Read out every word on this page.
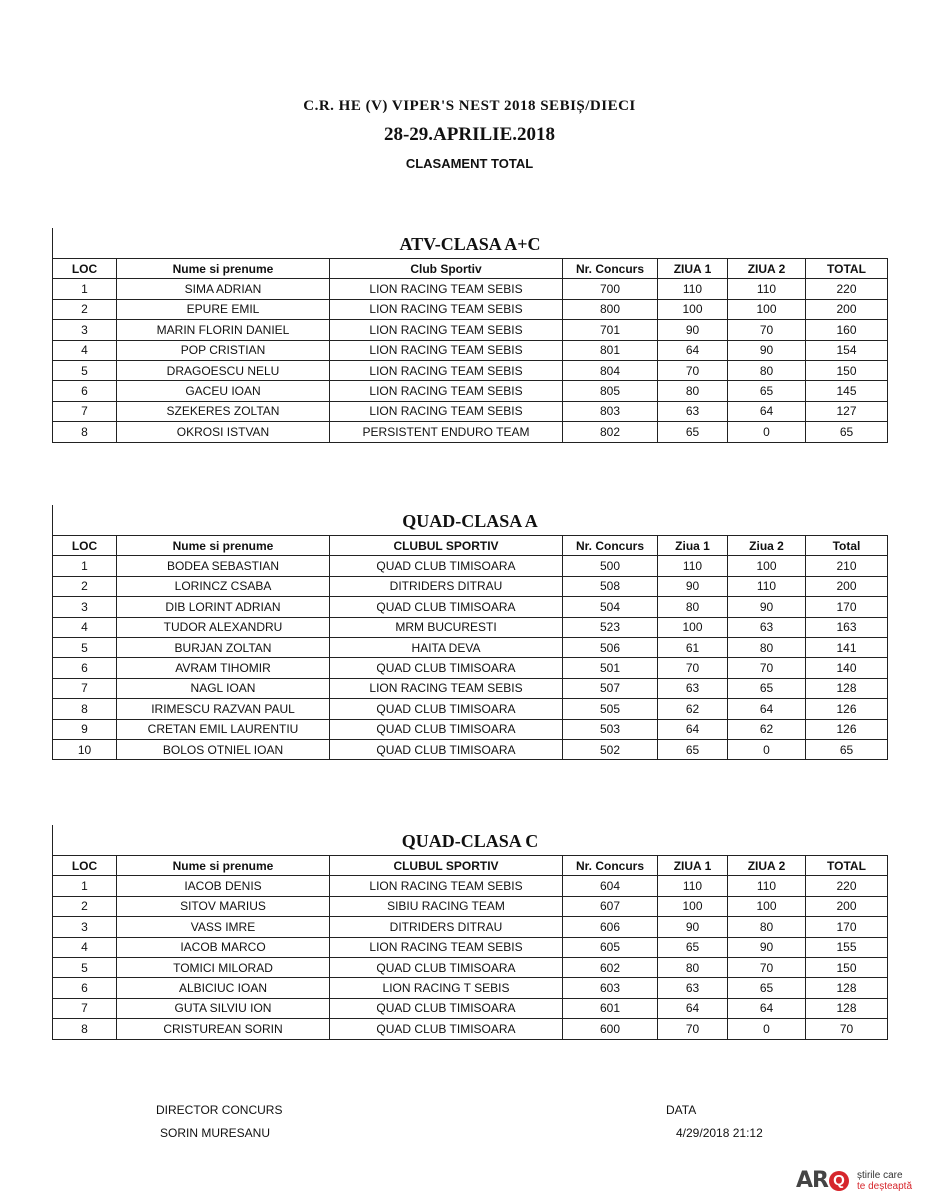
C.R. HE (V) VIPER'S NEST 2018 SEBIȘ/DIECI
28-29.APRILIE.2018
CLASAMENT TOTAL
ATV-CLASA A+C
LOC	Nume si prenume	Club Sportiv	Nr. Concurs	ZIUA 1	ZIUA 2	TOTAL
1	SIMA ADRIAN	LION RACING TEAM SEBIS	700	110	110	220
2	EPURE EMIL	LION RACING TEAM SEBIS	800	100	100	200
3	MARIN FLORIN DANIEL	LION RACING TEAM SEBIS	701	90	70	160
4	POP CRISTIAN	LION RACING TEAM SEBIS	801	64	90	154
5	DRAGOESCU NELU	LION RACING TEAM SEBIS	804	70	80	150
6	GACEU IOAN	LION RACING TEAM SEBIS	805	80	65	145
7	SZEKERES ZOLTAN	LION RACING TEAM SEBIS	803	63	64	127
8	OKROSI ISTVAN	PERSISTENT ENDURO TEAM	802	65	0	65
QUAD-CLASA A
LOC	Nume si prenume	CLUBUL SPORTIV	Nr. Concurs	Ziua 1	Ziua 2	Total
1	BODEA SEBASTIAN	QUAD CLUB TIMISOARA	500	110	100	210
2	LORINCZ CSABA	DITRIDERS DITRAU	508	90	110	200
3	DIB LORINT ADRIAN	QUAD CLUB TIMISOARA	504	80	90	170
4	TUDOR ALEXANDRU	MRM BUCURESTI	523	100	63	163
5	BURJAN ZOLTAN	HAITA DEVA	506	61	80	141
6	AVRAM TIHOMIR	QUAD CLUB TIMISOARA	501	70	70	140
7	NAGL IOAN	LION RACING TEAM SEBIS	507	63	65	128
8	IRIMESCU RAZVAN PAUL	QUAD CLUB TIMISOARA	505	62	64	126
9	CRETAN EMIL LAURENTIU	QUAD CLUB TIMISOARA	503	64	62	126
10	BOLOS OTNIEL IOAN	QUAD CLUB TIMISOARA	502	65	0	65
QUAD-CLASA C
LOC	Nume si prenume	CLUBUL SPORTIV	Nr. Concurs	ZIUA 1	ZIUA 2	TOTAL
1	IACOB DENIS	LION RACING TEAM SEBIS	604	110	110	220
2	SITOV MARIUS	SIBIU RACING TEAM	607	100	100	200
3	VASS IMRE	DITRIDERS DITRAU	606	90	80	170
4	IACOB MARCO	LION RACING TEAM SEBIS	605	65	90	155
5	TOMICI MILORAD	QUAD CLUB TIMISOARA	602	80	70	150
6	ALBICIUC IOAN	LION RACING T SEBIS	603	63	65	128
7	GUTA SILVIU ION	QUAD CLUB TIMISOARA	601	64	64	128
8	CRISTUREAN SORIN	QUAD CLUB TIMISOARA	600	70	0	70
DIRECTOR CONCURS
SORIN MURESANU
DATA
4/29/2018 21:12
AR Q	știrile care
te deșteaptă
